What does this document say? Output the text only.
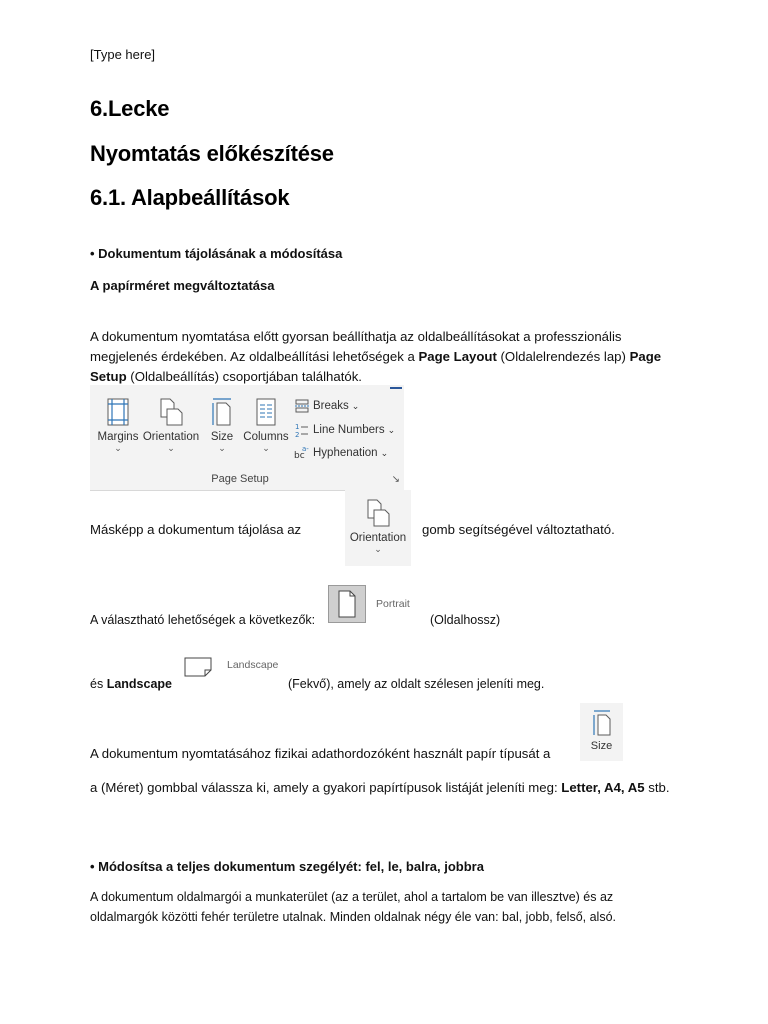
[Type here]
6.Lecke
Nyomtatás előkészítése
6.1. Alapbeállítások
• Dokumentum tájolásának a módosítása
A papírméret megváltoztatása
A dokumentum nyomtatása előtt gyorsan beállíthatja az oldalbeállításokat a professzionális megjelenés érdekében. Az oldalbeállítási lehetőségek a Page Layout (Oldalelrendezés lap) Page Setup (Oldalbeállítás) csoportjában találhatók.
Margins
⌄
Orientation
⌄
Size
⌄
Columns
⌄
Breaks ⌄
1
2 Line Numbers ⌄
bc
a- Hyphenation ⌄
Page Setup	↘
Másképp a dokumentum tájolása az
Orientation
⌄
gomb segítségével változtatható.
A választható lehetőségek a következők:
Portrait
(Oldalhossz)
Landscape
és Landscape	(Fekvő), amely az oldalt szélesen jeleníti meg.
A dokumentum nyomtatásához fizikai adathordozóként használt papír típusát a	Size
a (Méret) gombbal válassza ki, amely a gyakori papírtípusok listáját jeleníti meg: Letter, A4, A5 stb.
• Módosítsa a teljes dokumentum szegélyét: fel, le, balra, jobbra
A dokumentum oldalmargói a munkaterület (az a terület, ahol a tartalom be van illesztve) és az oldalmargók közötti fehér területre utalnak. Minden oldalnak négy éle van: bal, jobb, felső, alsó.
